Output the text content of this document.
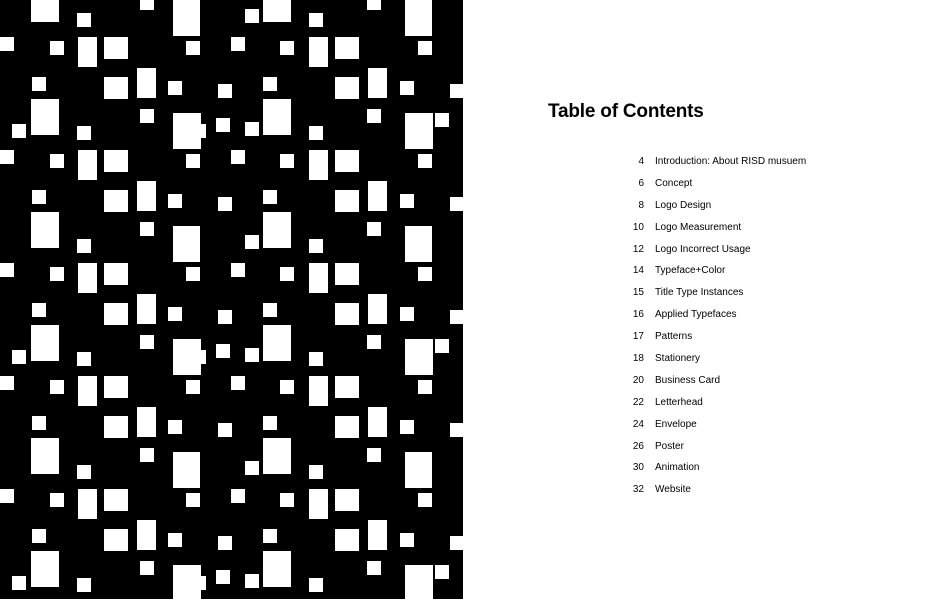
Table of Contents
4 Introduction: About RISD musuem
6 Concept
8 Logo Design
10 Logo Measurement
12 Logo Incorrect Usage
14 Typeface+Color
15 Title Type Instances
16 Applied Typefaces
17 Patterns
18 Stationery
20 Business Card
22 Letterhead
24 Envelope
26 Poster
30 Animation
32 Website
